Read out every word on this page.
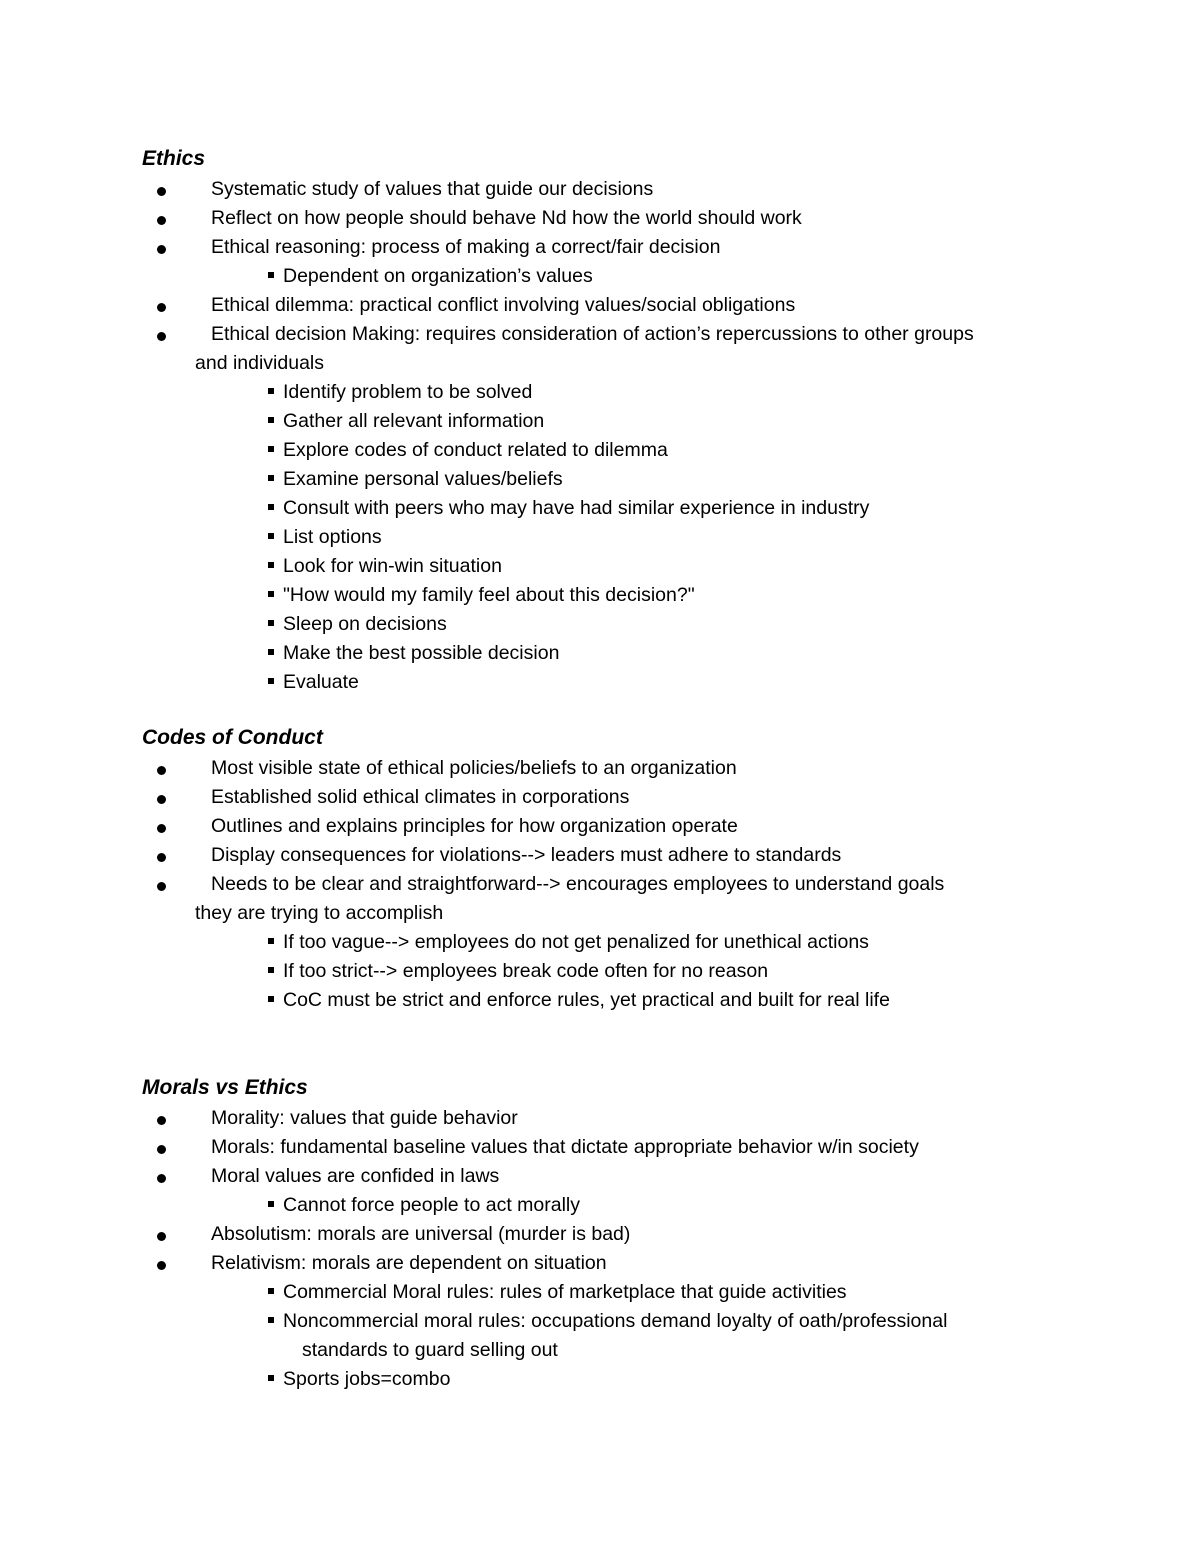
Ethics
Systematic study of values that guide our decisions
Reflect on how people should behave Nd how the world should work
Ethical reasoning: process of making a correct/fair decision
Dependent on organization’s values
Ethical dilemma: practical conflict involving values/social obligations
Ethical decision Making: requires consideration of action’s repercussions to other groups
and individuals
Identify problem to be solved
Gather all relevant information
Explore codes of conduct related to dilemma
Examine personal values/beliefs
Consult with peers who may have had similar experience in industry
List options
Look for win-win situation
"How would my family feel about this decision?"
Sleep on decisions
Make the best possible decision
Evaluate
Codes of Conduct
Most visible state of ethical policies/beliefs to an organization
Established solid ethical climates in corporations
Outlines and explains principles for how organization operate
Display consequences for violations--> leaders must adhere to standards
Needs to be clear and straightforward--> encourages employees to understand goals
they are trying to accomplish
If too vague--> employees do not get penalized for unethical actions
If too strict--> employees break code often for no reason
CoC must be strict and enforce rules, yet practical and built for real life
Morals vs Ethics
Morality: values that guide behavior
Morals: fundamental baseline values that dictate appropriate behavior w/in society
Moral values are confided in laws
Cannot force people to act morally
Absolutism: morals are universal (murder is bad)
Relativism: morals are dependent on situation
Commercial Moral rules: rules of marketplace that guide activities
Noncommercial moral rules: occupations demand loyalty of oath/professional
standards to guard selling out
Sports jobs=combo
